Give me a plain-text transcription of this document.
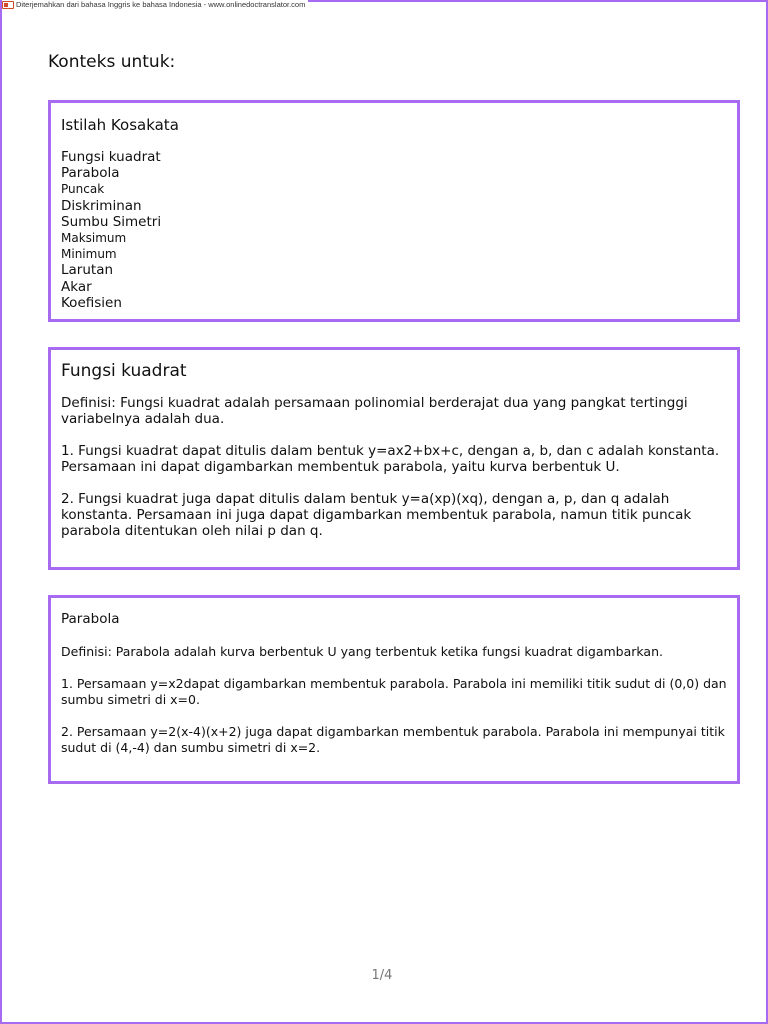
Diterjemahkan dari bahasa Inggris ke bahasa Indonesia - www.onlinedoctranslator.com
Konteks untuk:
Istilah Kosakata
Fungsi kuadrat
Parabola
Puncak
Diskriminan
Sumbu Simetri
Maksimum
Minimum
Larutan
Akar
Koefisien
Fungsi kuadrat

Definisi: Fungsi kuadrat adalah persamaan polinomial berderajat dua yang pangkat tertinggi variabelnya adalah dua.

1. Fungsi kuadrat dapat ditulis dalam bentuk y=ax2+bx+c, dengan a, b, dan c adalah konstanta. Persamaan ini dapat digambarkan membentuk parabola, yaitu kurva berbentuk U.

2. Fungsi kuadrat juga dapat ditulis dalam bentuk y=a(xp)(xq), dengan a, p, dan q adalah konstanta. Persamaan ini juga dapat digambarkan membentuk parabola, namun titik puncak parabola ditentukan oleh nilai p dan q.

Parabola

Definisi: Parabola adalah kurva berbentuk U yang terbentuk ketika fungsi kuadrat digambarkan.

1. Persamaan y=x2dapat digambarkan membentuk parabola. Parabola ini memiliki titik sudut di (0,0) dan sumbu simetri di x=0.

2. Persamaan y=2(x-4)(x+2) juga dapat digambarkan membentuk parabola. Parabola ini mempunyai titik sudut di (4,-4) dan sumbu simetri di x=2.

1/4
